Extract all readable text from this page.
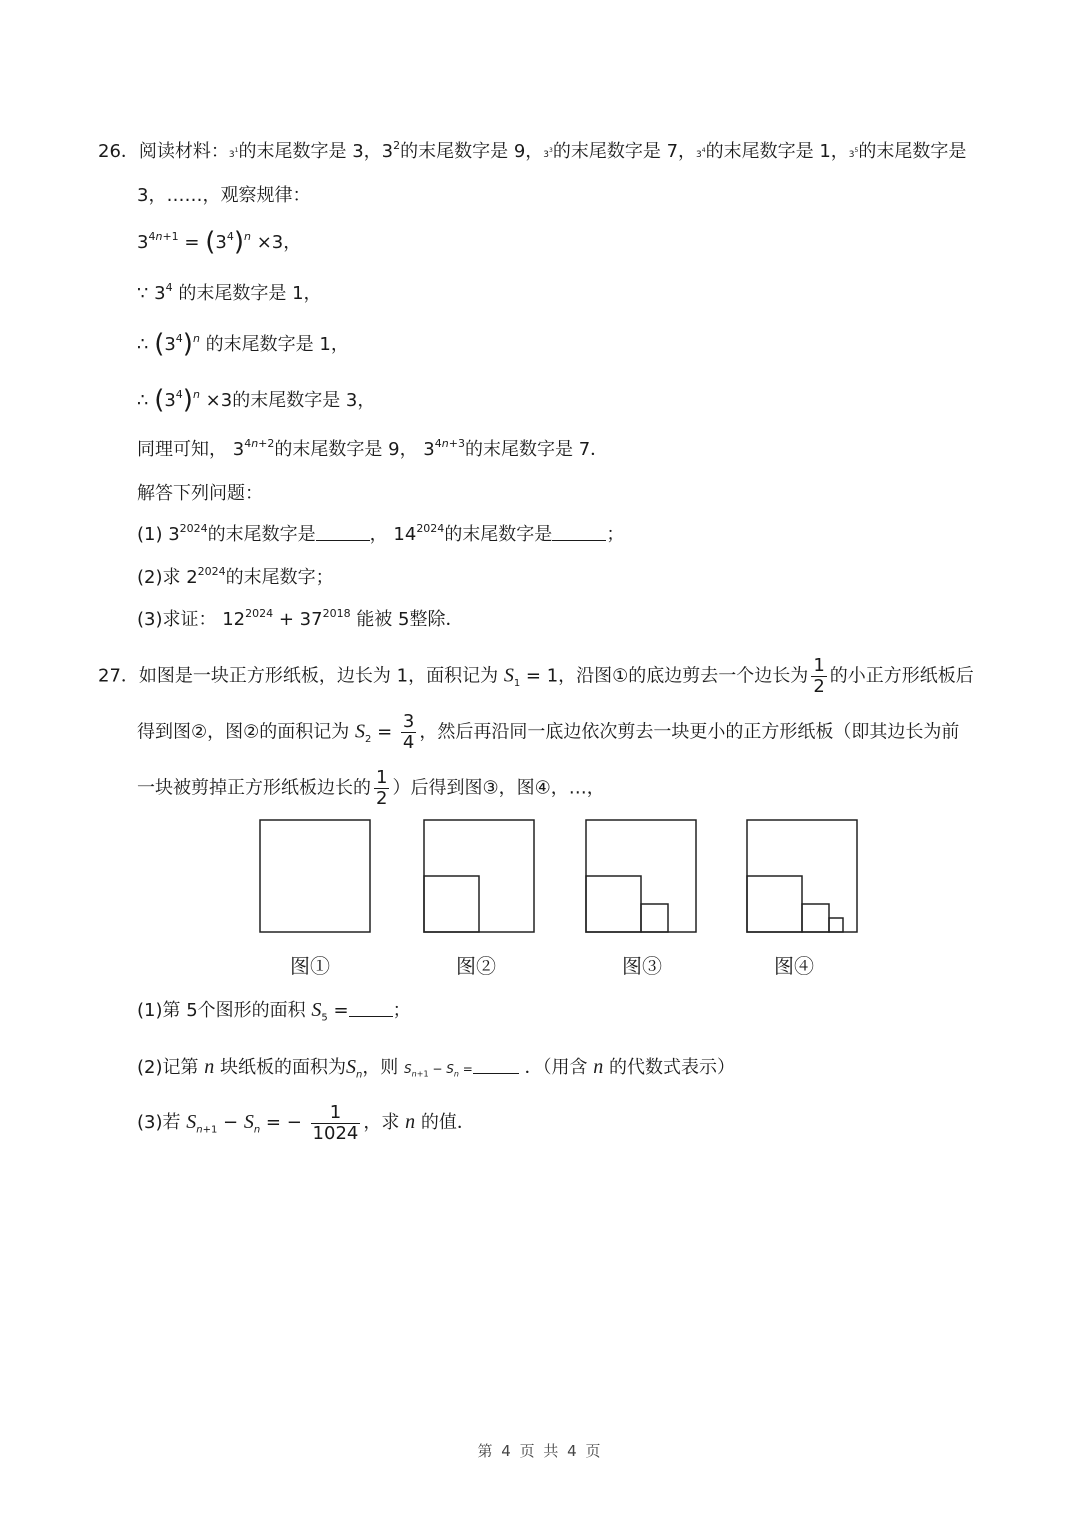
26．阅读材料：$3^1$的末尾数字是 3，$3^2$的末尾数字是 9，$3^3$的末尾数字是 7，$3^4$的末尾数字是 1，$3^5$的末尾数字是
3，……，观察规律：
$3^{4n+1} = (3^4)^n \times 3$，
∵ $3^4$ 的末尾数字是 1，
∴ $(3^4)^n$ 的末尾数字是 1，
∴ $(3^4)^n \times 3$的末尾数字是 3，
同理可知， $3^{4n+2}$的末尾数字是 9， $3^{4n+3}$的末尾数字是 7．
解答下列问题：
(1) $3^{2024}$的末尾数字是	， $14^{2024}$的末尾数字是	；
(2)求 $2^{2024}$的末尾数字；
(3)求证： $12^{2024} + 37^{2018}$ 能被 5整除．
27．如图是一块正方形纸板，边长为 1，面积记为 $S_1 = 1$，沿图①的底边剪去一个边长为 $\frac{1}{2}$ 的小正方形纸板后
得到图②，图②的面积记为 $S_2 = \frac{3}{4}$ ，然后再沿同一底边依次剪去一块更小的正方形纸板（即其边长为前
一块被剪掉正方形纸板边长的 $\frac{1}{2}$ ）后得到图③，图④，…，
图①	图②	图③	图④
(1)第 5个图形的面积 $S_5$ = ；
(2)记第 n 块纸板的面积为$S_n$，则 $S_{n+1} - S_n$ =	．（用含 n 的代数式表示）
(3)若 $S_{n+1} - S_n$ = − $\frac{1}{1024}$ ，求 n 的值．
第 4 页 共 4 页
